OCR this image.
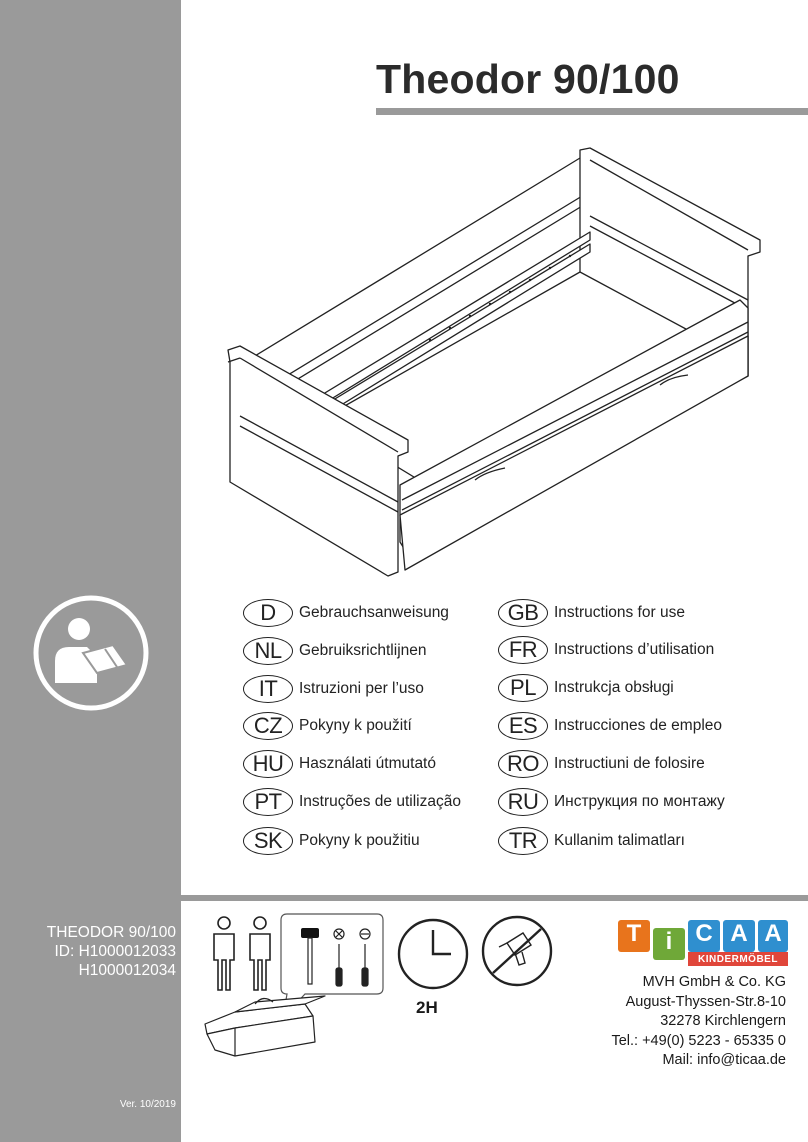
Theodor 90/100
D	Gebrauchsanweisung
NL	Gebruiksrichtlijnen
IT	Istruzioni per l’uso
CZ	Pokyny k použití
HU	Használati útmutató
PT	Instruções de utilização
SK	Pokyny k použitiu
GB	Instructions for use
FR	Instructions d’utilisation
PL	Instrukcja obsługi
ES	Instrucciones de empleo
RO Instructiuni de folosire
RU	Инструкция по монтажу
TR	Kullanim talimatları
THEODOR 90/100
ID: H1000012033
H1000012034
Ver. 10/2019
2H
T	i C A A
KINDERMÖBEL
MVH GmbH & Co. KG
August-Thyssen-Str.8-10
32278 Kirchlengern
Tel.: +49(0) 5223 - 65335 0
Mail: info@ticaa.de
